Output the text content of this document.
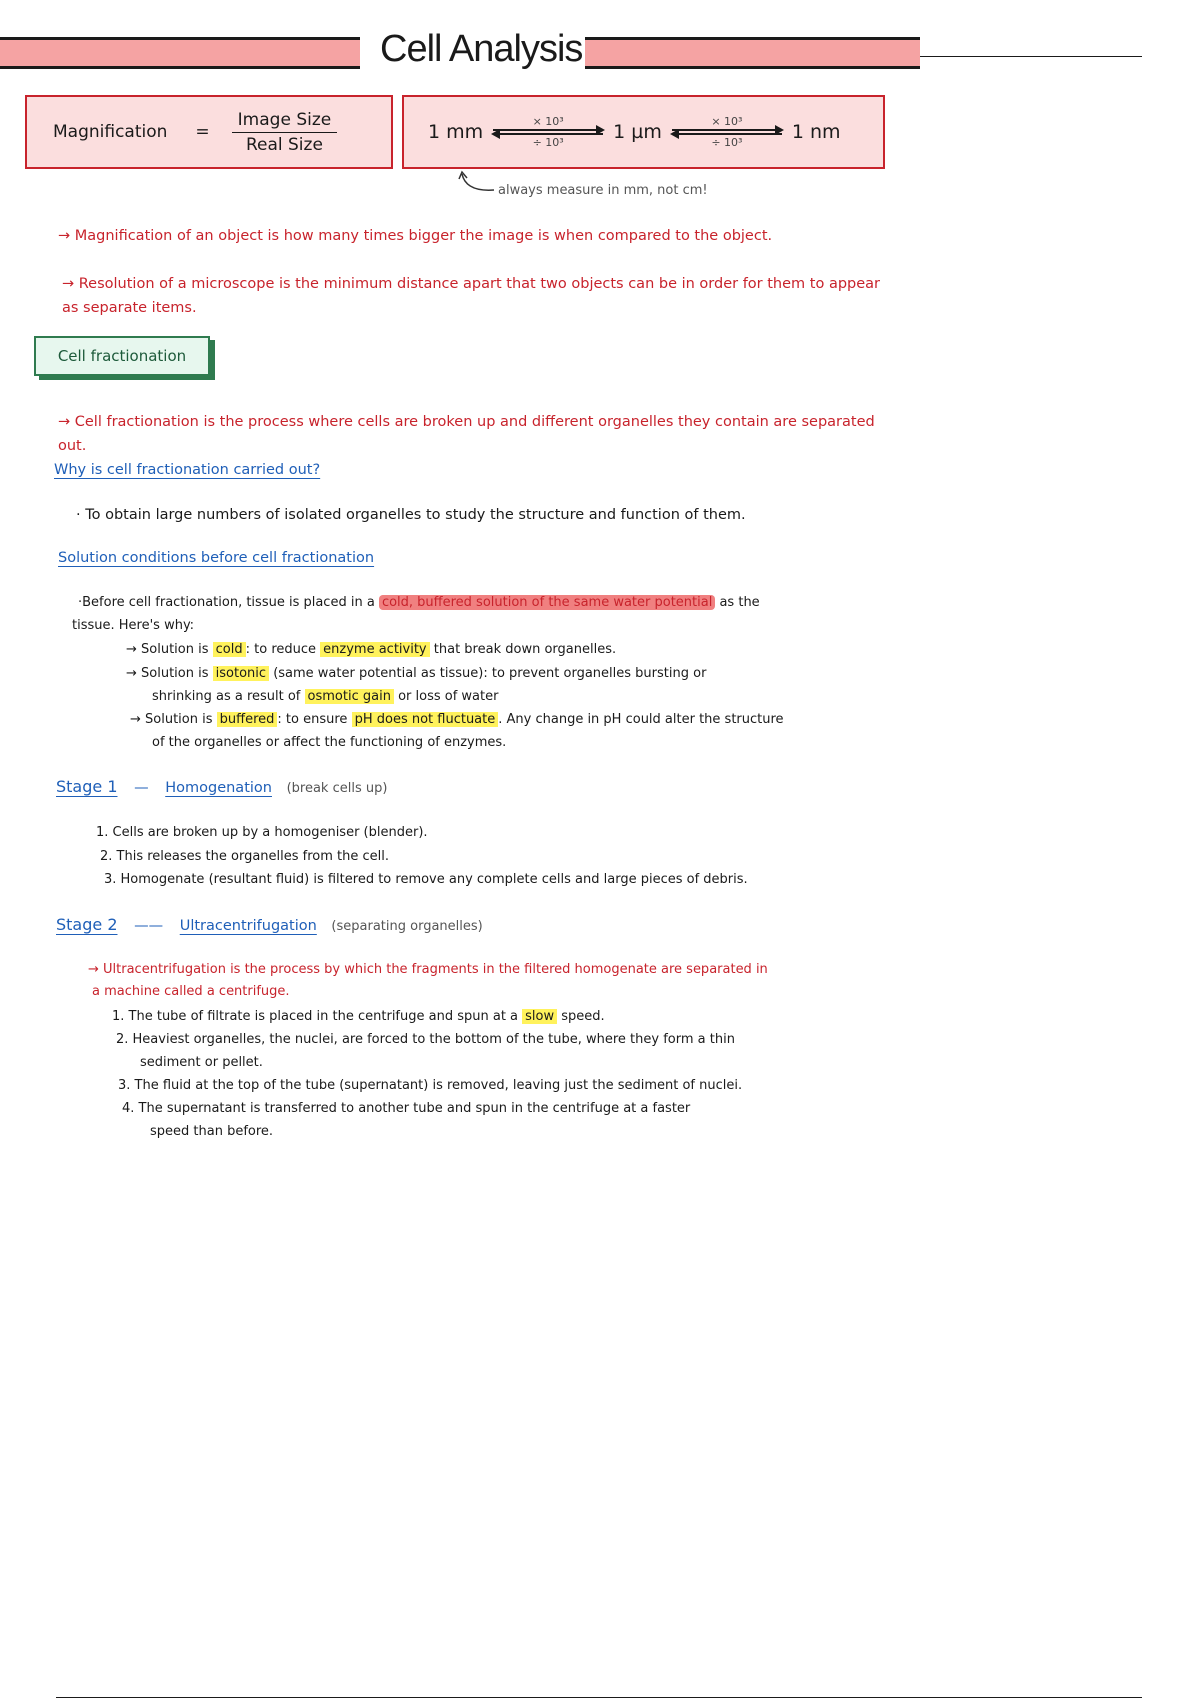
Cell Analysis
Magnification = $\frac{\text{Image Size}}{\text{Real Size}}$	1 mm	× 10³
÷ 10³	1 µm	× 10³
÷ 10³	1 nm
always measure in mm, not cm!
→ Magnification of an object is how many times bigger the image is when compared to the object.
→ Resolution of a microscope is the minimum distance apart that two objects can be in order for them to appear as separate items.
Cell fractionation
→ Cell fractionation is the process where cells are broken up and different organelles they contain are separated out.
Why is cell fractionation carried out?
· To obtain large numbers of isolated organelles to study the structure and function of them.
Solution conditions before cell fractionation
·Before cell fractionation, tissue is placed in a cold, buffered solution of the same water potential as the
tissue. Here's why:
→ Solution is cold : to reduce enzyme activity that break down organelles.
→ Solution is isotonic (same water potential as tissue): to prevent organelles bursting or
shrinking as a result of osmotic gain or loss of water
→ Solution is buffered : to ensure pH does not fluctuate . Any change in pH could alter the structure
of the organelles or affect the functioning of enzymes.
Stage 1 — Homogenation (break cells up)
1. Cells are broken up by a homogeniser (blender).
2. This releases the organelles from the cell.
3. Homogenate (resultant fluid) is filtered to remove any complete cells and large pieces of debris.
Stage 2 —— Ultracentrifugation (separating organelles)
→ Ultracentrifugation is the process by which the fragments in the filtered homogenate are separated in
a machine called a centrifuge.
1. The tube of filtrate is placed in the centrifuge and spun at a slow speed.
2. Heaviest organelles, the nuclei, are forced to the bottom of the tube, where they form a thin
sediment or pellet.
3. The fluid at the top of the tube (supernatant) is removed, leaving just the sediment of nuclei.
4. The supernatant is transferred to another tube and spun in the centrifuge at a faster
speed than before.
